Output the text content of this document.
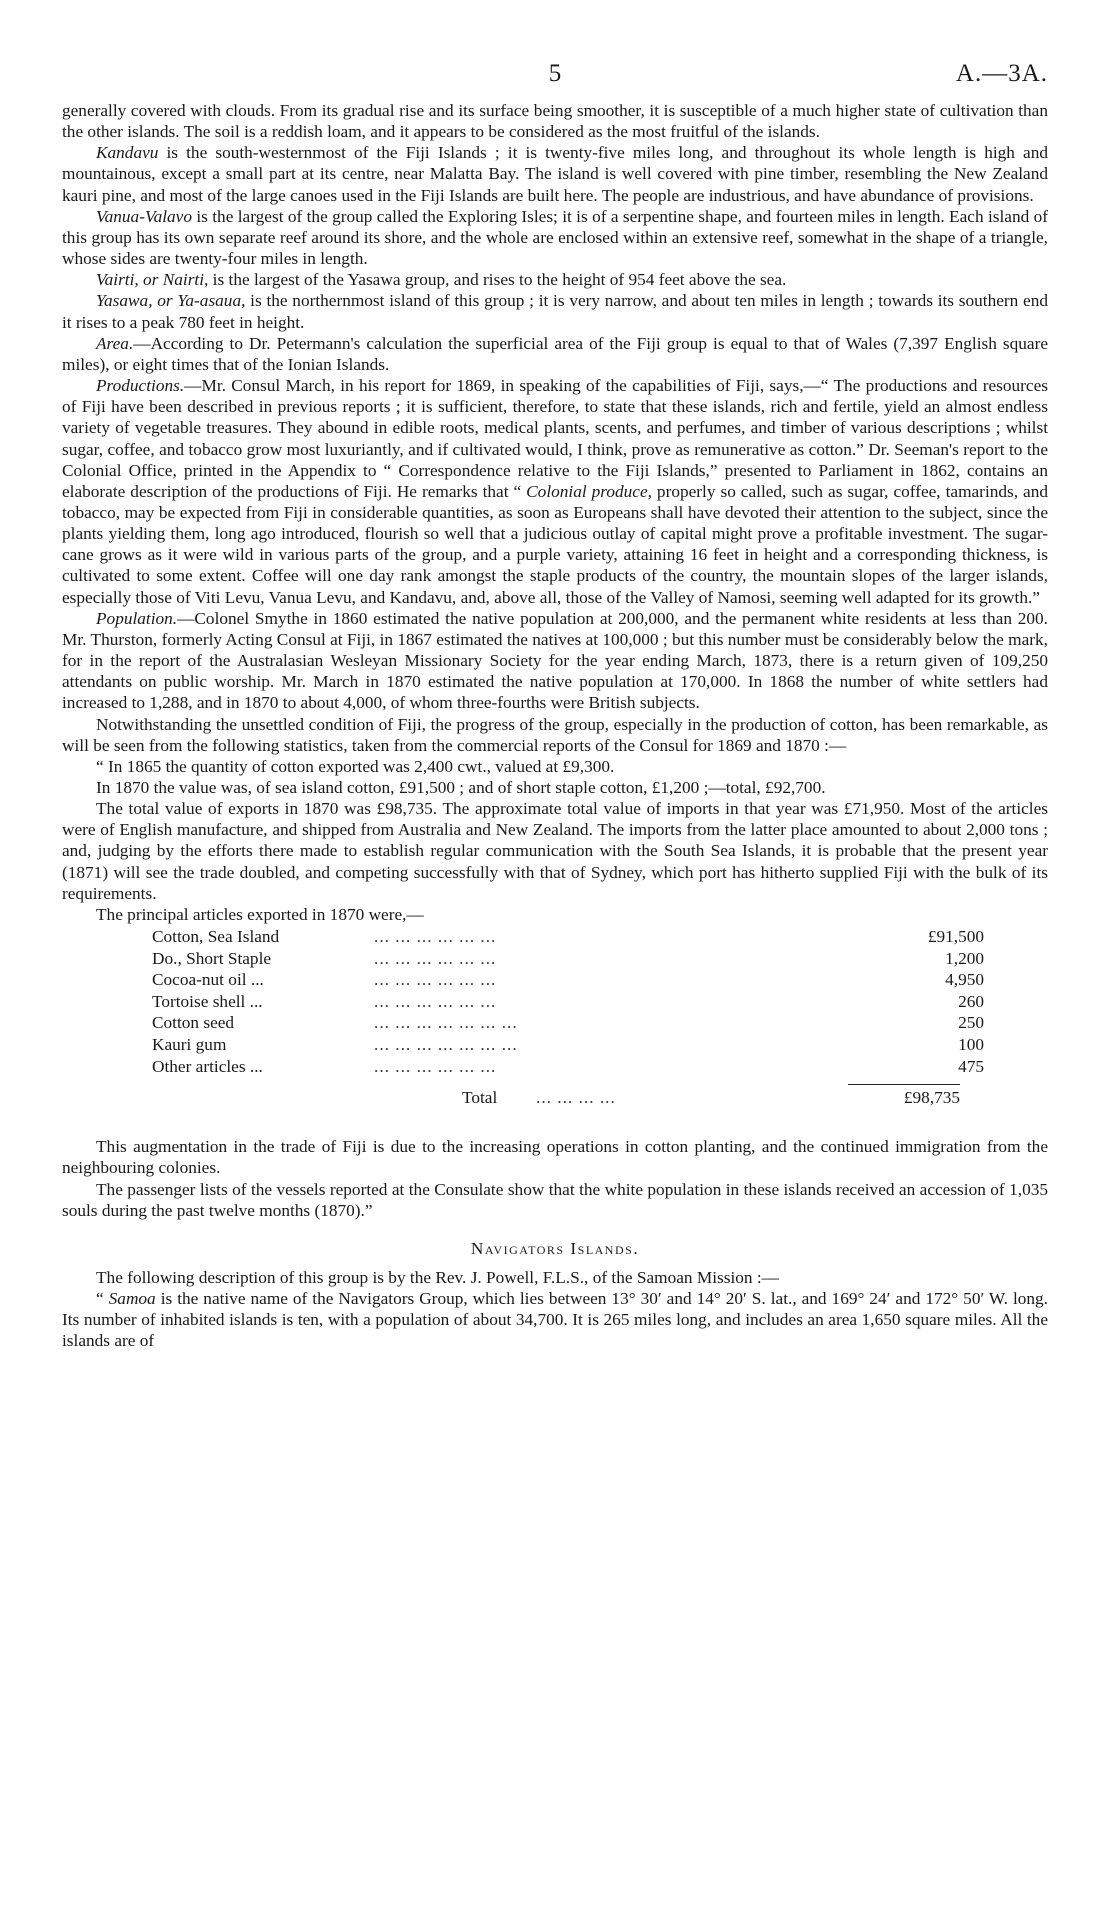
5	A.—3A.

generally covered with clouds. From its gradual rise and its surface being smoother, it is susceptible of a much higher state of cultivation than the other islands. The soil is a reddish loam, and it appears to be considered as the most fruitful of the islands.

Kandavu is the south-westernmost of the Fiji Islands ; it is twenty-five miles long, and throughout its whole length is high and mountainous, except a small part at its centre, near Malatta Bay. The island is well covered with pine timber, resembling the New Zealand kauri pine, and most of the large canoes used in the Fiji Islands are built here. The people are industrious, and have abundance of provisions.

Vanua-Valavo is the largest of the group called the Exploring Isles; it is of a serpentine shape, and fourteen miles in length. Each island of this group has its own separate reef around its shore, and the whole are enclosed within an extensive reef, somewhat in the shape of a triangle, whose sides are twenty-four miles in length.

Vairti, or Nairti, is the largest of the Yasawa group, and rises to the height of 954 feet above the sea.

Yasawa, or Ya-asaua, is the northernmost island of this group ; it is very narrow, and about ten miles in length ; towards its southern end it rises to a peak 780 feet in height.

Area.—According to Dr. Petermann's calculation the superficial area of the Fiji group is equal to that of Wales (7,397 English square miles), or eight times that of the Ionian Islands.

Productions.—Mr. Consul March, in his report for 1869, in speaking of the capabilities of Fiji, says,—“ The productions and resources of Fiji have been described in previous reports ; it is sufficient, therefore, to state that these islands, rich and fertile, yield an almost endless variety of vegetable treasures. They abound in edible roots, medical plants, scents, and perfumes, and timber of various descriptions ; whilst sugar, coffee, and tobacco grow most luxuriantly, and if cultivated would, I think, prove as remunerative as cotton.” Dr. Seeman's report to the Colonial Office, printed in the Appendix to “ Correspondence relative to the Fiji Islands,” presented to Parliament in 1862, contains an elaborate description of the productions of Fiji. He remarks that “ Colonial produce, properly so called, such as sugar, coffee, tamarinds, and tobacco, may be expected from Fiji in considerable quantities, as soon as Europeans shall have devoted their attention to the subject, since the plants yielding them, long ago introduced, flourish so well that a judicious outlay of capital might prove a profitable investment. The sugar-cane grows as it were wild in various parts of the group, and a purple variety, attaining 16 feet in height and a corresponding thickness, is cultivated to some extent. Coffee will one day rank amongst the staple products of the country, the mountain slopes of the larger islands, especially those of Viti Levu, Vanua Levu, and Kandavu, and, above all, those of the Valley of Namosi, seeming well adapted for its growth.”

Population.—Colonel Smythe in 1860 estimated the native population at 200,000, and the permanent white residents at less than 200. Mr. Thurston, formerly Acting Consul at Fiji, in 1867 estimated the natives at 100,000 ; but this number must be considerably below the mark, for in the report of the Australasian Wesleyan Missionary Society for the year ending March, 1873, there is a return given of 109,250 attendants on public worship. Mr. March in 1870 estimated the native population at 170,000. In 1868 the number of white settlers had increased to 1,288, and in 1870 to about 4,000, of whom three-fourths were British subjects.

Notwithstanding the unsettled condition of Fiji, the progress of the group, especially in the production of cotton, has been remarkable, as will be seen from the following statistics, taken from the commercial reports of the Consul for 1869 and 1870 :—

“ In 1865 the quantity of cotton exported was 2,400 cwt., valued at £9,300.

In 1870 the value was, of sea island cotton, £91,500 ; and of short staple cotton, £1,200 ;—total, £92,700.

The total value of exports in 1870 was £98,735. The approximate total value of imports in that year was £71,950. Most of the articles were of English manufacture, and shipped from Australia and New Zealand. The imports from the latter place amounted to about 2,000 tons ; and, judging by the efforts there made to establish regular communication with the South Sea Islands, it is probable that the present year (1871) will see the trade doubled, and competing successfully with that of Sydney, which port has hitherto supplied Fiji with the bulk of its requirements.

The principal articles exported in 1870 were,—

Cotton, Sea Island	... ... ... ... ... ...	£91,500
Do., Short Staple	... ... ... ... ... ...	1,200
Cocoa-nut oil ...	... ... ... ... ... ...	4,950
Tortoise shell ...	... ... ... ... ... ...	260
Cotton seed	... ... ... ... ... ... ...	250
Kauri gum	... ... ... ... ... ... ...	100
Other articles ...	... ... ... ... ... ...	475
Total	... ... ... ...	£98,735

This augmentation in the trade of Fiji is due to the increasing operations in cotton planting, and the continued immigration from the neighbouring colonies.

The passenger lists of the vessels reported at the Consulate show that the white population in these islands received an accession of 1,035 souls during the past twelve months (1870).”

Navigators Islands.

The following description of this group is by the Rev. J. Powell, F.L.S., of the Samoan Mission :—

“ Samoa is the native name of the Navigators Group, which lies between 13° 30′ and 14° 20′ S. lat., and 169° 24′ and 172° 50′ W. long. Its number of inhabited islands is ten, with a population of about 34,700. It is 265 miles long, and includes an area 1,650 square miles. All the islands are of
